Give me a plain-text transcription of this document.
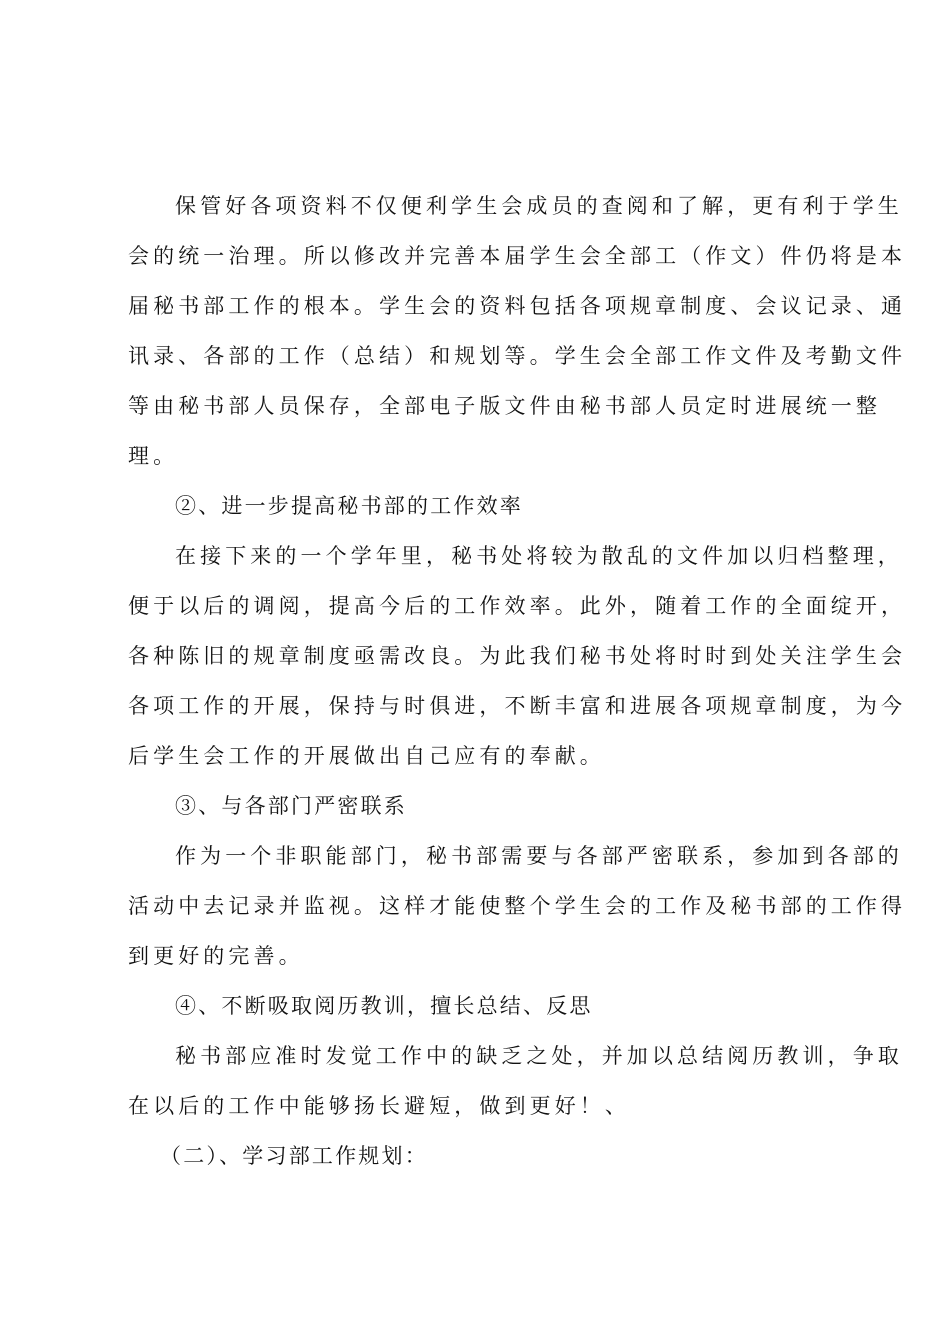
保管好各项资料不仅便利学生会成员的查阅和了解，更有利于学生
会的统一治理。所以修改并完善本届学生会全部工（作文）件仍将是本
届秘书部工作的根本。学生会的资料包括各项规章制度、会议记录、通
讯录、各部的工作（总结）和规划等。学生会全部工作文件及考勤文件
等由秘书部人员保存，全部电子版文件由秘书部人员定时进展统一整
理。
②、进一步提高秘书部的工作效率
在接下来的一个学年里，秘书处将较为散乱的文件加以归档整理，
便于以后的调阅，提高今后的工作效率。此外，随着工作的全面绽开，
各种陈旧的规章制度亟需改良。为此我们秘书处将时时到处关注学生会
各项工作的开展，保持与时俱进，不断丰富和进展各项规章制度，为今
后学生会工作的开展做出自己应有的奉献。
③、与各部门严密联系
作为一个非职能部门，秘书部需要与各部严密联系，参加到各部的
活动中去记录并监视。这样才能使整个学生会的工作及秘书部的工作得
到更好的完善。
④、不断吸取阅历教训，擅长总结、反思
秘书部应准时发觉工作中的缺乏之处，并加以总结阅历教训，争取
在以后的工作中能够扬长避短，做到更好！、
（二）、学习部工作规划：
